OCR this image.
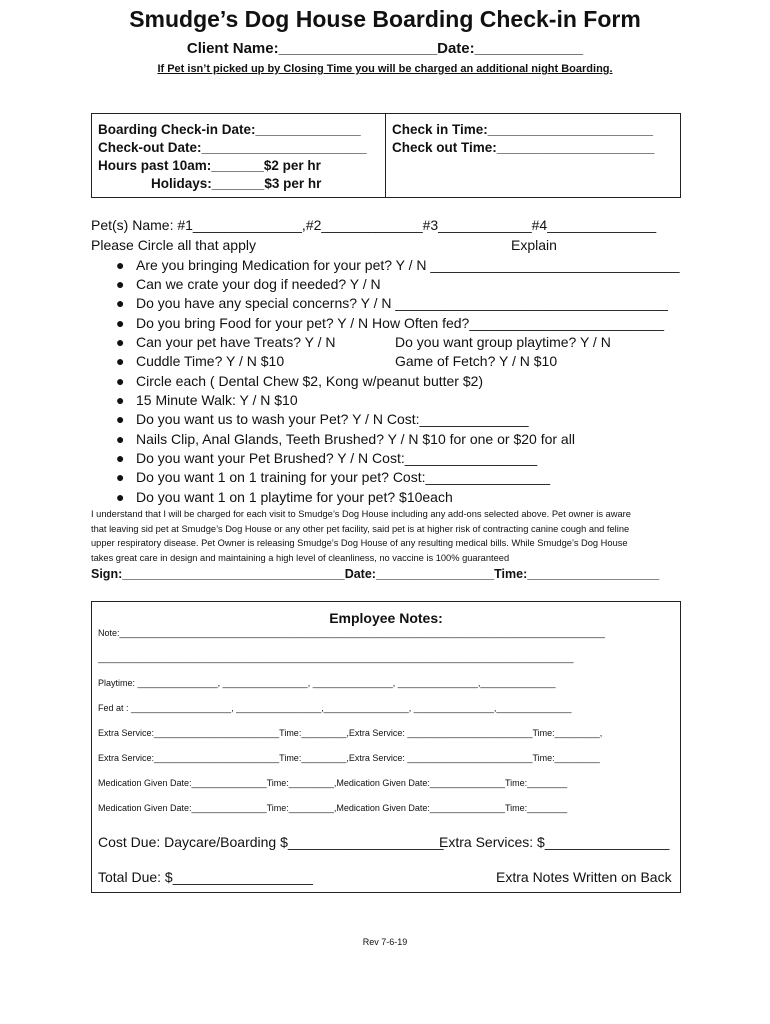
Smudge’s Dog House Boarding Check-in Form
Client Name:___________________Date:_____________
If Pet isn’t picked up by Closing Time you will be charged an additional night Boarding.
Boarding Check-in Date:______________
Check-out Date:______________________
Hours past 10am:_______$2 per hr
Holidays:_______$3 per hr
Check in Time:______________________
Check out Time:_____________________
Pet(s) Name: #1______________,#2_____________#3____________#4______________
Please Circle all that apply	Explain
● Are you bringing Medication for your pet? Y / N ________________________________
● Can we crate your dog if needed? Y / N
● Do you have any special concerns? Y / N ___________________________________
● Do you bring Food for your pet? Y / N How Often fed?_________________________
● Can your pet have Treats? Y / N	Do you want group playtime? Y / N
● Cuddle Time? Y / N $10	Game of Fetch? Y / N $10
● Circle each ( Dental Chew $2, Kong w/peanut butter $2)
● 15 Minute Walk: Y / N $10
● Do you want us to wash your Pet? Y / N Cost:______________
● Nails Clip, Anal Glands, Teeth Brushed? Y / N $10 for one or $20 for all
● Do you want your Pet Brushed? Y / N Cost:_________________
● Do you want 1 on 1 training for your pet? Cost:________________
● Do you want 1 on 1 playtime for your pet? $10each
I understand that I will be charged for each visit to Smudge’s Dog House including any add-ons selected above. Pet owner is aware
that leaving sid pet at Smudge’s Dog House or any other pet facility, said pet is at higher risk of contracting canine cough and feline
upper respiratory disease. Pet Owner is releasing Smudge’s Dog House of any resulting medical bills. While Smudge’s Dog House
takes great care in design and maintaining a high level of cleanliness, no vaccine is 100% guaranteed
Sign:________________________________Date:_________________Time:___________________
Employee Notes:
Note:_________________________________________________________________________________________________
_______________________________________________________________________________________________
Playtime: ________________, _________________, ________________, ________________,_______________
Fed at : ____________________, _________________,_________________, ________________,_______________
Extra Service:_________________________Time:_________,Extra Service: _________________________Time:_________,
Extra Service:_________________________Time:_________,Extra Service: _________________________Time:_________
Medication Given Date:_______________Time:_________,Medication Given Date:_______________Time:________
Medication Given Date:_______________Time:_________,Medication Given Date:_______________Time:________
Cost Due: Daycare/Boarding $____________________
Extra Services: $________________
Total Due: $__________________	Extra Notes Written on Back
Rev 7-6-19
